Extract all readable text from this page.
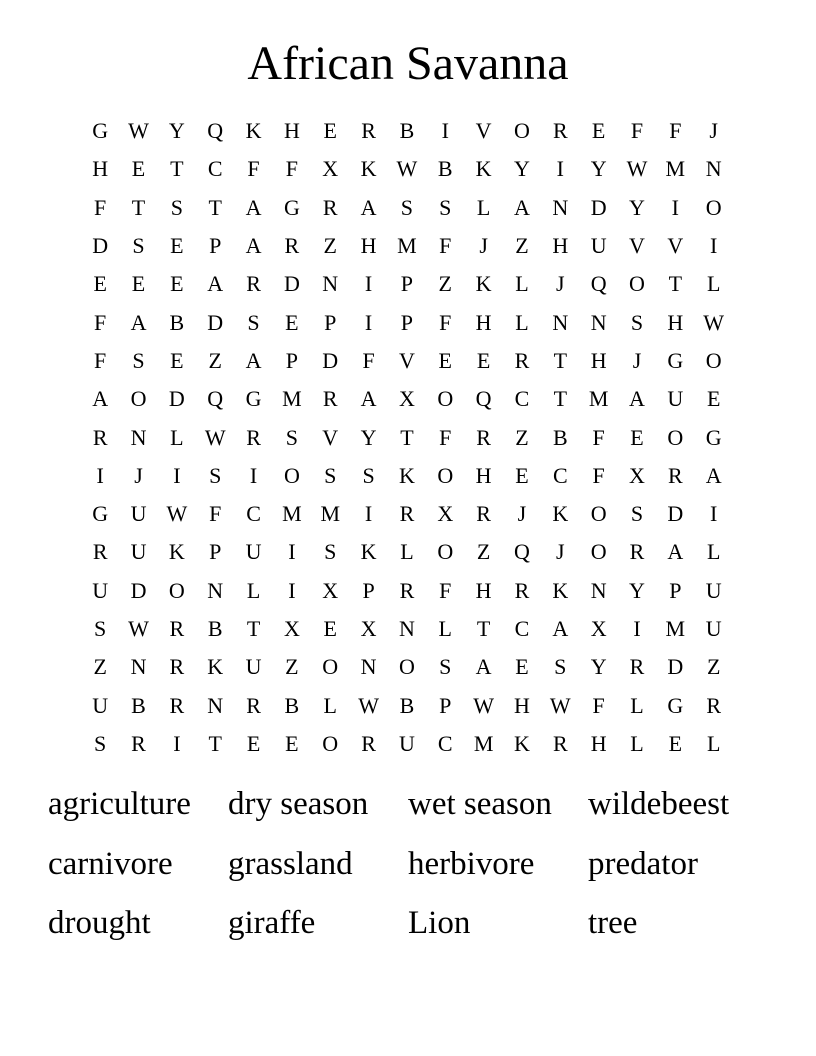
African Savanna
G W Y	Q	K	H	E	R	B	I	V	O	R	E	F	F	J
H	E	T	C	F	F	X	K W B	K	Y	I	Y W M N
F	T	S	T	A	G	R	A	S	S	L	A	N	D	Y	I	O
D	S	E	P	A	R	Z	H M	F	J	Z	H	U	V	V	I
E	E	E	A	R	D	N	I	P	Z	K	L	J	Q	O	T	L
F	A	B	D	S	E	P	I	P	F	H	L	N	N	S	H W
F	S	E	Z	A	P	D	F	V	E	E	R	T	H	J	G	O
A	O	D	Q	G M R	A	X	O	Q	C	T M A	U	E
R	N	L W R	S	V	Y	T	F	R	Z	B	F	E	O	G
I	J	I	S	I	O	S	S	K	O	H	E	C	F	X	R	A
G	U W F	C M M	I	R	X	R	J	K	O	S	D	I
R	U	K	P	U	I	S	K	L	O	Z	Q	J	O	R	A	L
U	D	O	N	L	I	X	P	R	F	H	R	K	N	Y	P	U
S W R	B	T	X	E	X	N	L	T	C	A	X	I	M U
Z	N	R	K	U	Z	O	N	O	S	A	E	S	Y	R	D	Z
U	B	R	N	R	B	L W B	P W H W F	L	G	R
S	R	I	T	E	E	O	R	U	C M K	R	H	L	E	L
agriculture	dry season	wet season	wildebeest
carnivore	grassland	herbivore	predator
drought	giraffe	Lion	tree
